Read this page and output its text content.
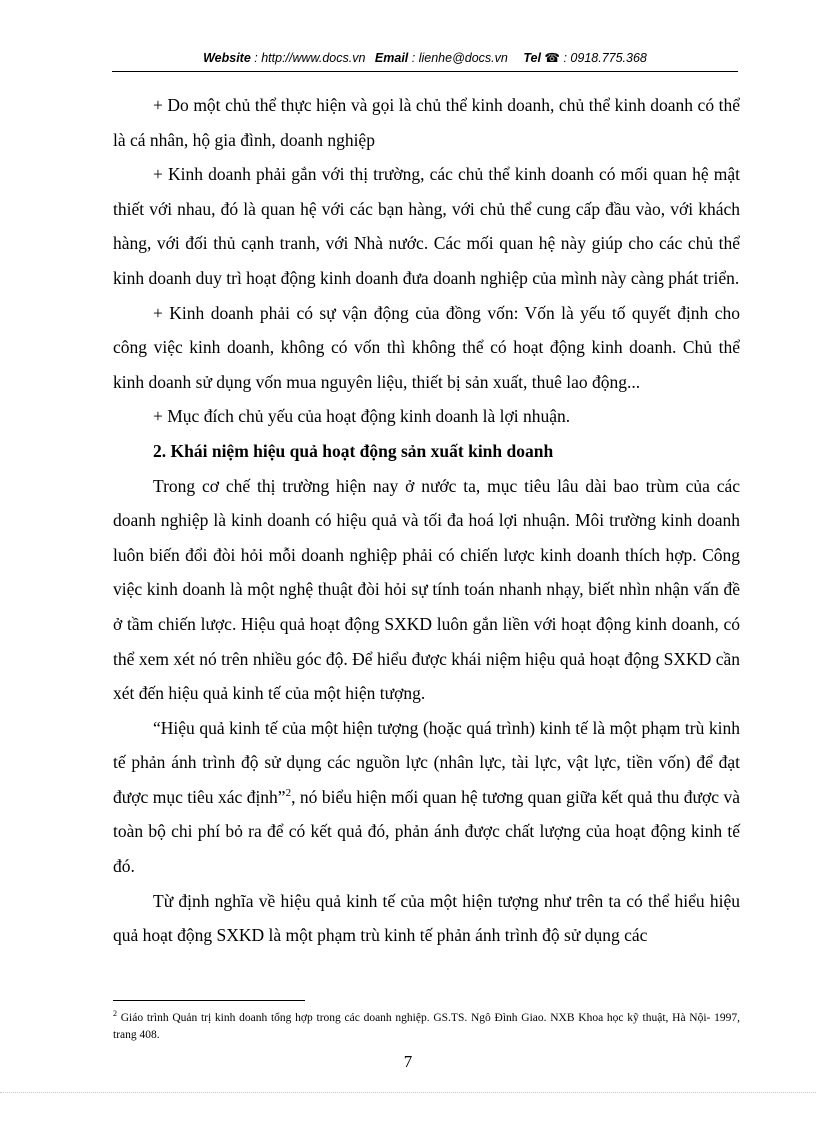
Website : http://www.docs.vn Email : lienhe@docs.vn Tel ☎ : 0918.775.368

+ Do một chủ thể thực hiện và gọi là chủ thể kinh doanh, chủ thể kinh doanh có thể là cá nhân, hộ gia đình, doanh nghiệp

+ Kinh doanh phải gắn với thị trường, các chủ thể kinh doanh có mối quan hệ mật thiết với nhau, đó là quan hệ với các bạn hàng, với chủ thể cung cấp đầu vào, với khách hàng, với đối thủ cạnh tranh, với Nhà nước. Các mối quan hệ này giúp cho các chủ thể kinh doanh duy trì hoạt động kinh doanh đưa doanh nghiệp của mình này càng phát triển.

+ Kinh doanh phải có sự vận động của đồng vốn: Vốn là yếu tố quyết định cho công việc kinh doanh, không có vốn thì không thể có hoạt động kinh doanh. Chủ thể kinh doanh sử dụng vốn mua nguyên liệu, thiết bị sản xuất, thuê lao động...

+ Mục đích chủ yếu của hoạt động kinh doanh là lợi nhuận.

2. Khái niệm hiệu quả hoạt động sản xuất kinh doanh

Trong cơ chế thị trường hiện nay ở nước ta, mục tiêu lâu dài bao trùm của các doanh nghiệp là kinh doanh có hiệu quả và tối đa hoá lợi nhuận. Môi trường kinh doanh luôn biến đổi đòi hỏi mỗi doanh nghiệp phải có chiến lược kinh doanh thích hợp. Công việc kinh doanh là một nghệ thuật đòi hỏi sự tính toán nhanh nhạy, biết nhìn nhận vấn đề ở tầm chiến lược. Hiệu quả hoạt động SXKD luôn gắn liền với hoạt động kinh doanh, có thể xem xét nó trên nhiều góc độ. Để hiểu được khái niệm hiệu quả hoạt động SXKD cần xét đến hiệu quả kinh tế của một hiện tượng.

“Hiệu quả kinh tế của một hiện tượng (hoặc quá trình) kinh tế là một phạm trù kinh tế phản ánh trình độ sử dụng các nguồn lực (nhân lực, tài lực, vật lực, tiền vốn) để đạt được mục tiêu xác định”$^2$, nó biểu hiện mối quan hệ tương quan giữa kết quả thu được và toàn bộ chi phí bỏ ra để có kết quả đó, phản ánh được chất lượng của hoạt động kinh tế đó.

Từ định nghĩa về hiệu quả kinh tế của một hiện tượng như trên ta có thể hiểu hiệu quả hoạt động SXKD là một phạm trù kinh tế phản ánh trình độ sử dụng các

$^2$ Giáo trình Quản trị kinh doanh tổng hợp trong các doanh nghiệp. GS.TS. Ngô Đình Giao. NXB Khoa học kỹ thuật, Hà Nội- 1997, trang 408.
7
